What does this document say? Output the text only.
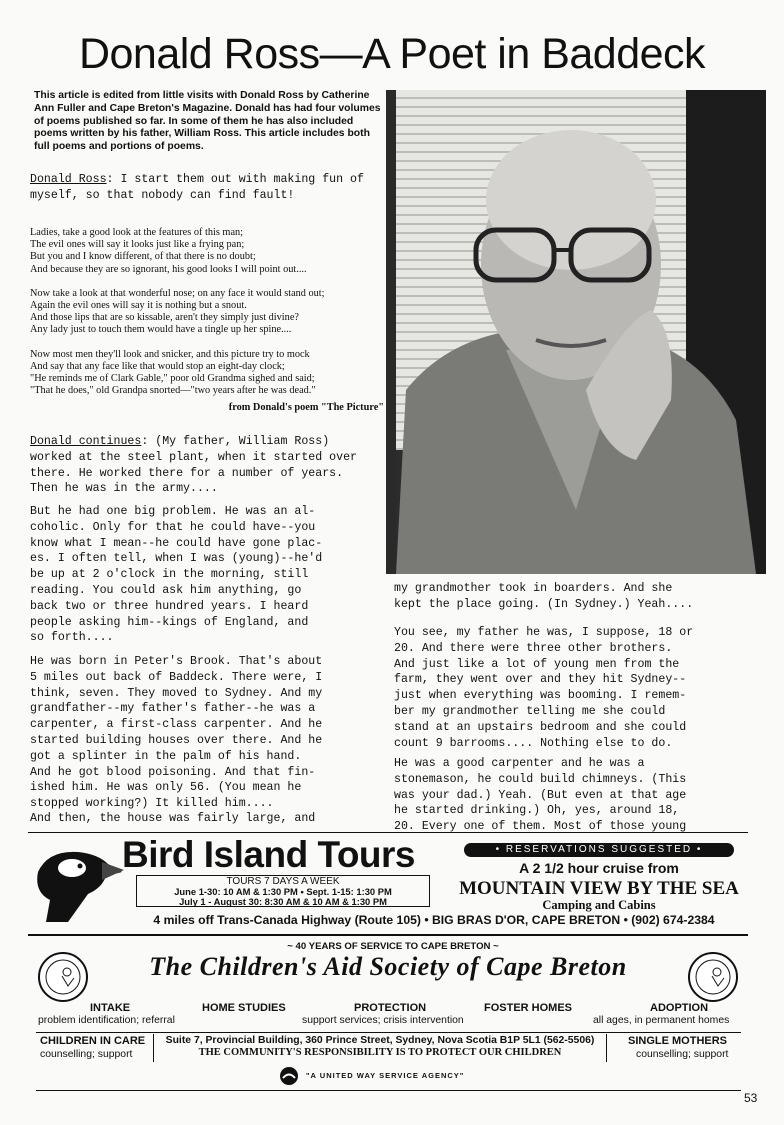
Donald Ross—A Poet in Baddeck
This article is edited from little visits with Donald Ross by Catherine Ann Fuller and Cape Breton's Magazine. Donald has had four volumes of poems published so far. In some of them he has also included poems written by his father, William Ross. This article includes both full poems and portions of poems.
Donald Ross: I start them out with making fun of myself, so that nobody can find fault!
Ladies, take a good look at the features of this man;
The evil ones will say it looks just like a frying pan;
But you and I know different, of that there is no doubt;
And because they are so ignorant, his good looks I will point out....
Now take a look at that wonderful nose; on any face it would stand out;
Again the evil ones will say it is nothing but a snout.
And those lips that are so kissable, aren't they simply just divine?
Any lady just to touch them would have a tingle up her spine....
Now most men they'll look and snicker, and this picture try to mock
And say that any face like that would stop an eight-day clock;
"He reminds me of Clark Gable," poor old Grandma sighed and said;
"That he does," old Grandpa snorted—"two years after he was dead."
from Donald's poem "The Picture"
Donald continues: (My father, William Ross) worked at the steel plant, when it started over there. He worked there for a number of years. Then he was in the army....
But he had one big problem. He was an al-
coholic. Only for that he could have--you
know what I mean--he could have gone plac-
es. I often tell, when I was (young)--he'd
be up at 2 o'clock in the morning, still
reading. You could ask him anything, go
back two or three hundred years. I heard
people asking him--kings of England, and
so forth....
He was born in Peter's Brook. That's about
5 miles out back of Baddeck. There were, I
think, seven. They moved to Sydney. And my
grandfather--my father's father--he was a
carpenter, a first-class carpenter. And he
started building houses over there. And he
got a splinter in the palm of his hand.
And he got blood poisoning. And that fin-
ished him. He was only 56. (You mean he
stopped working?) It killed him....
And then, the house was fairly large, and
my grandmother took in boarders. And she
kept the place going. (In Sydney.) Yeah....
You see, my father he was, I suppose, 18 or
20. And there were three other brothers.
And just like a lot of young men from the
farm, they went over and they hit Sydney--
just when everything was booming. I remem-
ber my grandmother telling me she could
stand at an upstairs bedroom and she could
count 9 barrooms.... Nothing else to do.
He was a good carpenter and he was a
stonemason, he could build chimneys. (This
was your dad.) Yeah. (But even at that age
he started drinking.) Oh, yes, around 18,
20. Every one of them. Most of those young
Bird Island Tours
TOURS 7 DAYS A WEEK
June 1-30: 10 AM & 1:30 PM • Sept. 1-15: 1:30 PM
July 1 - August 30: 8:30 AM & 10 AM & 1:30 PM
• RESERVATIONS SUGGESTED •
A 2 1/2 hour cruise from
MOUNTAIN VIEW BY THE SEA
Camping and Cabins
4 miles off Trans-Canada Highway (Route 105) • BIG BRAS D'OR, CAPE BRETON • (902) 674-2384
~ 40 YEARS OF SERVICE TO CAPE BRETON ~
The Children's Aid Society of Cape Breton
INTAKE
problem identification; referral
HOME STUDIES	PROTECTION
support services; crisis intervention
FOSTER HOMES	ADOPTION
all ages, in permanent homes
CHILDREN IN CARE
counselling; support
Suite 7, Provincial Building, 360 Prince Street, Sydney, Nova Scotia B1P 5L1 (562-5506)
THE COMMUNITY'S RESPONSIBILITY IS TO PROTECT OUR CHILDREN
SINGLE MOTHERS
counselling; support
"A UNITED WAY SERVICE AGENCY"
53
